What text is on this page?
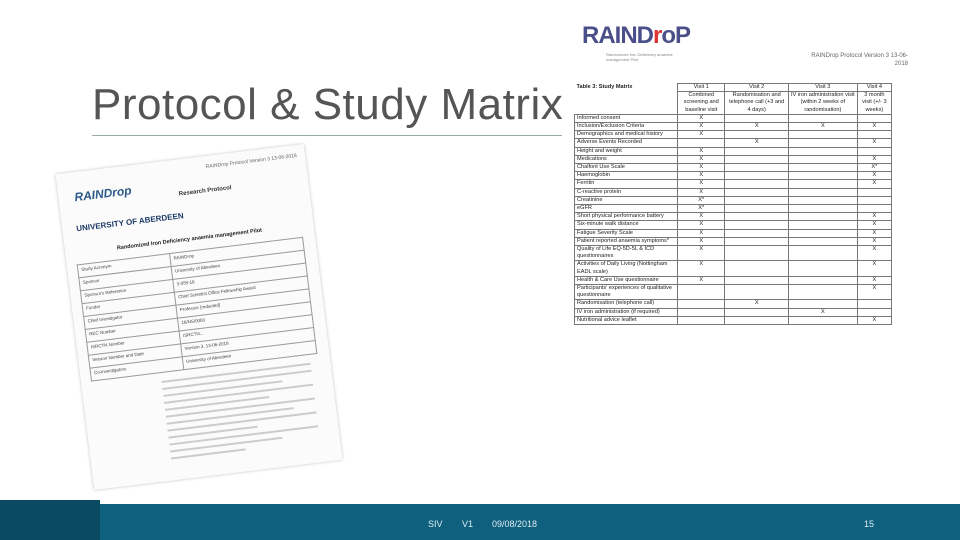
Protocol & Study Matrix
RAINDrop Protocol Version 3 13-06-2018
RAINDrop	Research Protocol
UNIVERSITY OF ABERDEEN
Randomized Iron Deficiency anaemia management Pilot
Study Acronym	RAINDrop
Sponsor	University of Aberdeen
Sponsor's Reference	3-055-18
Funder	Chief Scientist Office Fellowship Award
Chief Investigator	Professor [redacted]
REC Number	18/NS/0083
ISRCTN Number	ISRCTN...
Version Number and Date	Version 3, 13-06-2018
Co-investigators	University of Aberdeen
RAINDroP
Randomized Iron Deficiency anaemia management Pilot
RAINDrop Protocol Version 3 13-06-2018
Table 3: Study Matrix	Visit 1	Visit 2	Visit 3	Visit 4
	Combined screening and baseline visit	Randomisation and telephone call (+3 and 4 days)	IV iron administration visit (within 2 weeks of randomisation)	3 month visit (+/- 3 weeks)
Informed consent	X			
Inclusion/Exclusion Criteria	X	X	X	X
Demographics and medical history	X			
Adverse Events Recorded		X		X
Height and weight	X			
Medications	X			X
Chalfont Use Scale	X			X*
Haemoglobin	X			X
Ferritin	X			X
C-reactive protein	X			
Creatinine	X*			
eGFR	X*			
Short physical performance battery	X			X
Six-minute walk distance	X			X
Fatigue Severity Scale	X			X
Patient reported anaemia symptoms*	X			X
Quality of Life EQ-5D-5L & ICD questionnaires	X			X
Activities of Daily Living (Nottingham EADL scale)	X			X
Health & Care Use questionnaire	X			X
Participants' experiences of qualitative questionnaire				X
Randomisation (telephone call)		X		
IV iron administration (if required)			X	
Nutritional advice leaflet				X
SIV V1 09/08/2018	15
